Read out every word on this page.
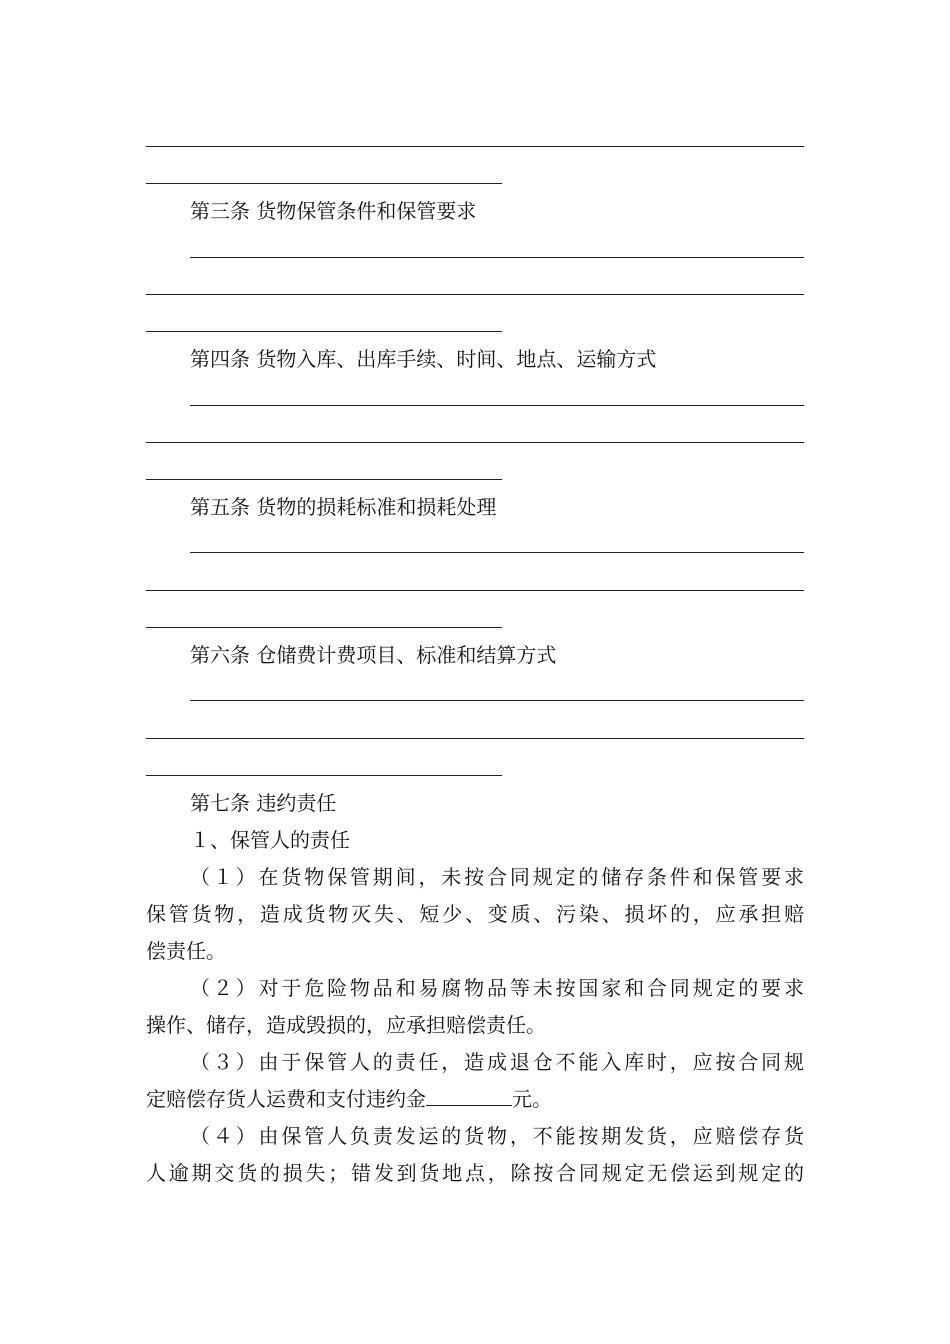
第三条 货物保管条件和保管要求
第四条 货物入库、出库手续、时间、地点、运输方式
第五条 货物的损耗标准和损耗处理
第六条 仓储费计费项目、标准和结算方式
第七条 违约责任
１、保管人的责任
（１）在货物保管期间，未按合同规定的储存条件和保管要求
保管货物，造成货物灭失、短少、变质、污染、损坏的，应承担赔
偿责任。
（２）对于危险物品和易腐物品等未按国家和合同规定的要求
操作、储存，造成毁损的，应承担赔偿责任。
（３）由于保管人的责任，造成退仓不能入库时，应按合同规
定赔偿存货人运费和支付违约金	元。
（４）由保管人负责发运的货物，不能按期发货，应赔偿存货
人逾期交货的损失；错发到货地点，除按合同规定无偿运到规定的
